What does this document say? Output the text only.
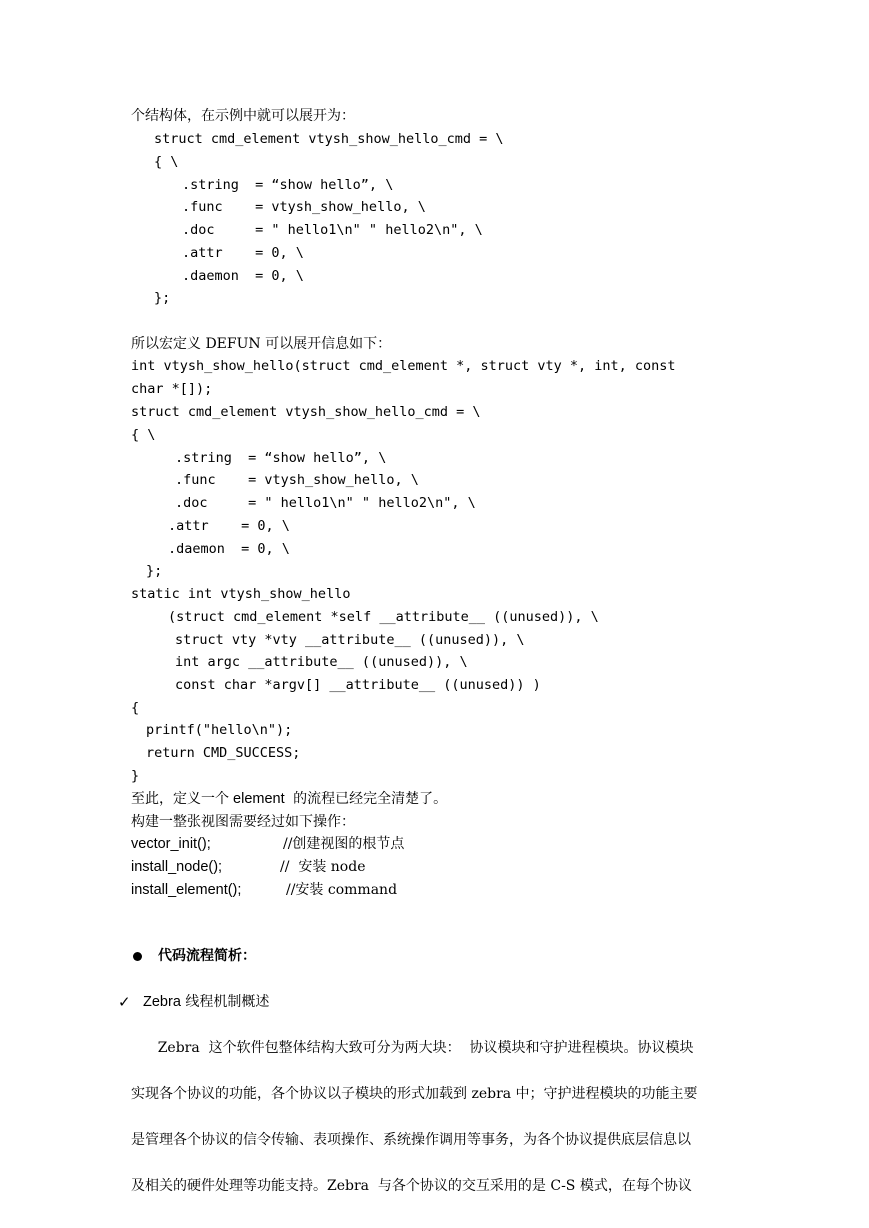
个结构体，在示例中就可以展开为：
struct cmd_element vtysh_show_hello_cmd = \
{ \
.string  = “show hello”, \
.func    = vtysh_show_hello, \
.doc     = " hello1\n" " hello2\n", \
.attr    = 0, \
.daemon  = 0, \
};
所以宏定义 DEFUN 可以展开信息如下：
int vtysh_show_hello(struct cmd_element *, struct vty *, int, const
char *[]);
struct cmd_element vtysh_show_hello_cmd = \
{ \
.string  = “show hello”, \
.func    = vtysh_show_hello, \
.doc     = " hello1\n" " hello2\n", \
.attr    = 0, \
.daemon  = 0, \
};
static int vtysh_show_hello
(struct cmd_element *self __attribute__ ((unused)), \
struct vty *vty __attribute__ ((unused)), \
int argc __attribute__ ((unused)), \
const char *argv[] __attribute__ ((unused)) )
{
printf("hello\n");
return CMD_SUCCESS;
}
至此，定义一个 element  的流程已经完全清楚了。
构建一整张视图需要经过如下操作：
vector_init();	//创建视图的根节点
install_node();	//  安装 node
install_element();	//安装 command
代码流程简析：
✓ Zebra 线程机制概述

Zebra  这个软件包整体结构大致可分为两大块：  协议模块和守护进程模块。协议模块

实现各个协议的功能，各个协议以子模块的形式加载到 zebra 中；守护进程模块的功能主要

是管理各个协议的信令传输、表项操作、系统操作调用等事务，为各个协议提供底层信息以

及相关的硬件处理等功能支持。Zebra  与各个协议的交互采用的是 C-S 模式，在每个协议
